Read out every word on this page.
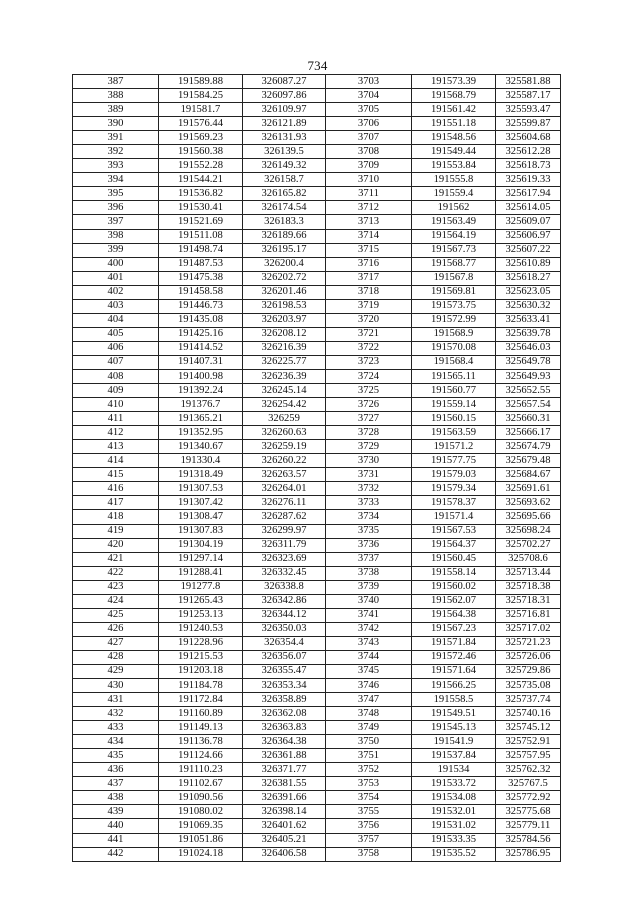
734
387	191589.88	326087.27	3703	191573.39	325581.88
388	191584.25	326097.86	3704	191568.79	325587.17
389	191581.7	326109.97	3705	191561.42	325593.47
390	191576.44	326121.89	3706	191551.18	325599.87
391	191569.23	326131.93	3707	191548.56	325604.68
392	191560.38	326139.5	3708	191549.44	325612.28
393	191552.28	326149.32	3709	191553.84	325618.73
394	191544.21	326158.7	3710	191555.8	325619.33
395	191536.82	326165.82	3711	191559.4	325617.94
396	191530.41	326174.54	3712	191562	325614.05
397	191521.69	326183.3	3713	191563.49	325609.07
398	191511.08	326189.66	3714	191564.19	325606.97
399	191498.74	326195.17	3715	191567.73	325607.22
400	191487.53	326200.4	3716	191568.77	325610.89
401	191475.38	326202.72	3717	191567.8	325618.27
402	191458.58	326201.46	3718	191569.81	325623.05
403	191446.73	326198.53	3719	191573.75	325630.32
404	191435.08	326203.97	3720	191572.99	325633.41
405	191425.16	326208.12	3721	191568.9	325639.78
406	191414.52	326216.39	3722	191570.08	325646.03
407	191407.31	326225.77	3723	191568.4	325649.78
408	191400.98	326236.39	3724	191565.11	325649.93
409	191392.24	326245.14	3725	191560.77	325652.55
410	191376.7	326254.42	3726	191559.14	325657.54
411	191365.21	326259	3727	191560.15	325660.31
412	191352.95	326260.63	3728	191563.59	325666.17
413	191340.67	326259.19	3729	191571.2	325674.79
414	191330.4	326260.22	3730	191577.75	325679.48
415	191318.49	326263.57	3731	191579.03	325684.67
416	191307.53	326264.01	3732	191579.34	325691.61
417	191307.42	326276.11	3733	191578.37	325693.62
418	191308.47	326287.62	3734	191571.4	325695.66
419	191307.83	326299.97	3735	191567.53	325698.24
420	191304.19	326311.79	3736	191564.37	325702.27
421	191297.14	326323.69	3737	191560.45	325708.6
422	191288.41	326332.45	3738	191558.14	325713.44
423	191277.8	326338.8	3739	191560.02	325718.38
424	191265.43	326342.86	3740	191562.07	325718.31
425	191253.13	326344.12	3741	191564.38	325716.81
426	191240.53	326350.03	3742	191567.23	325717.02
427	191228.96	326354.4	3743	191571.84	325721.23
428	191215.53	326356.07	3744	191572.46	325726.06
429	191203.18	326355.47	3745	191571.64	325729.86
430	191184.78	326353.34	3746	191566.25	325735.08
431	191172.84	326358.89	3747	191558.5	325737.74
432	191160.89	326362.08	3748	191549.51	325740.16
433	191149.13	326363.83	3749	191545.13	325745.12
434	191136.78	326364.38	3750	191541.9	325752.91
435	191124.66	326361.88	3751	191537.84	325757.95
436	191110.23	326371.77	3752	191534	325762.32
437	191102.67	326381.55	3753	191533.72	325767.5
438	191090.56	326391.66	3754	191534.08	325772.92
439	191080.02	326398.14	3755	191532.01	325775.68
440	191069.35	326401.62	3756	191531.02	325779.11
441	191051.86	326405.21	3757	191533.35	325784.56
442	191024.18	326406.58	3758	191535.52	325786.95
